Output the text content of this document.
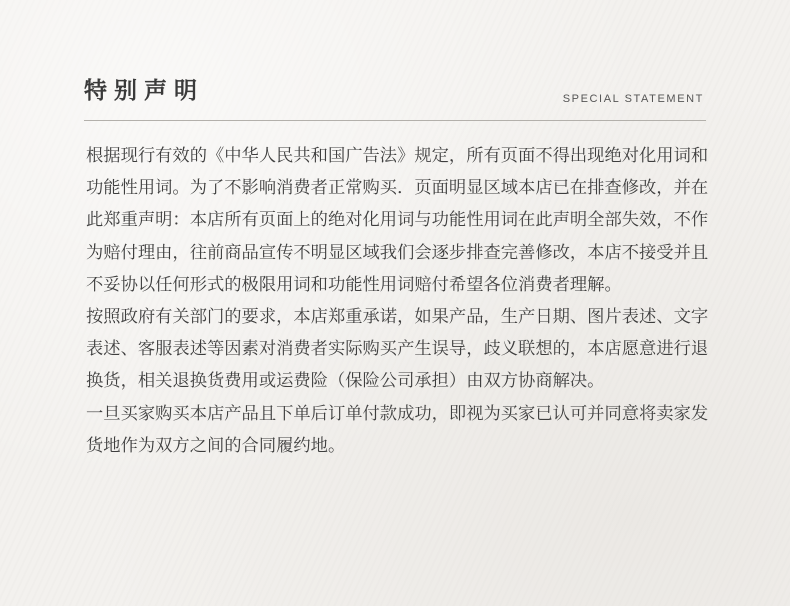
特别声明	SPECIAL STATEMENT

根据现行有效的《中华人民共和国广告法》规定，所有页面不得出现绝对化用词和功能性用词。为了不影响消费者正常购买．页面明显区域本店已在排查修改，并在此郑重声明：本店所有页面上的绝对化用词与功能性用词在此声明全部失效，不作为赔付理由，往前商品宣传不明显区域我们会逐步排查完善修改，本店不接受并且不妥协以任何形式的极限用词和功能性用词赔付希望各位消费者理解。

按照政府有关部门的要求，本店郑重承诺，如果产品，生产日期、图片表述、文字表述、客服表述等因素对消费者实际购买产生误导，歧义联想的，本店愿意进行退换货，相关退换货费用或运费险（保险公司承担）由双方协商解决。

一旦买家购买本店产品且下单后订单付款成功，即视为买家已认可并同意将卖家发货地作为双方之间的合同履约地。
